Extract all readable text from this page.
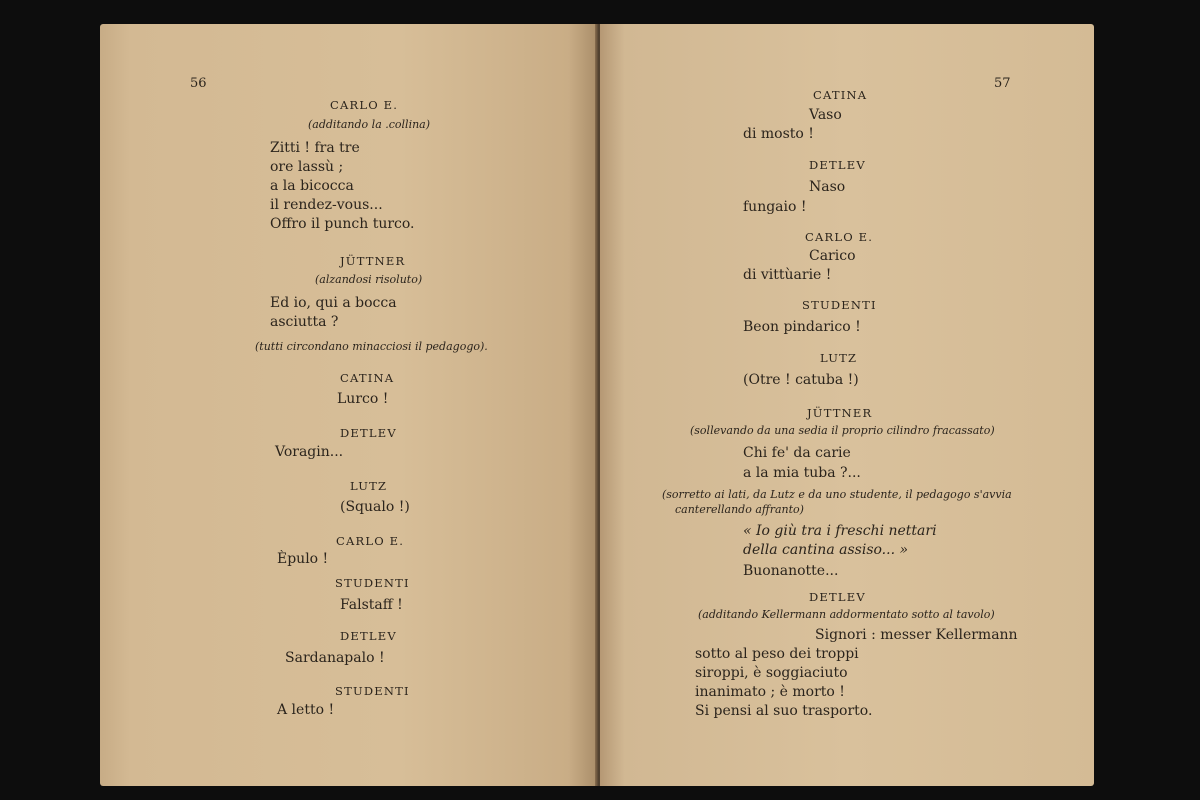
56

CARLO E.

(additando la .collina)

Zitti ! fra tre

ore lassù ;

a la bicocca

il rendez-vous...

Offro il punch turco.

JÜTTNER

(alzandosi risoluto)

Ed io, qui a bocca

asciutta ?

(tutti circondano minacciosi il pedagogo).

CATINA

Lurco !

DETLEV

Voragin...

LUTZ

(Squalo !)

CARLO E.

Èpulo !

STUDENTI

Falstaff !

DETLEV

Sardanapalo !

STUDENTI

A letto !

57

CATINA

Vaso

di mosto !

DETLEV

Naso

fungaio !

CARLO E.

Carico

di vittùarie !

STUDENTI

Beon pindarico !

LUTZ

(Otre ! catuba !)

JÜTTNER

(sollevando da una sedia il proprio cilindro fracassato)

Chi fe' da carie

a la mia tuba ?...

(sorretto ai lati, da Lutz e da uno studente, il pedagogo s'avvia

canterellando affranto)

« Io giù tra i freschi nettari

della cantina assiso... »

Buonanotte...

DETLEV

(additando Kellermann addormentato sotto al tavolo)

Signori : messer Kellermann

sotto al peso dei troppi

siroppi, è soggiaciuto

inanimato ; è morto !

Si pensi al suo trasporto.
